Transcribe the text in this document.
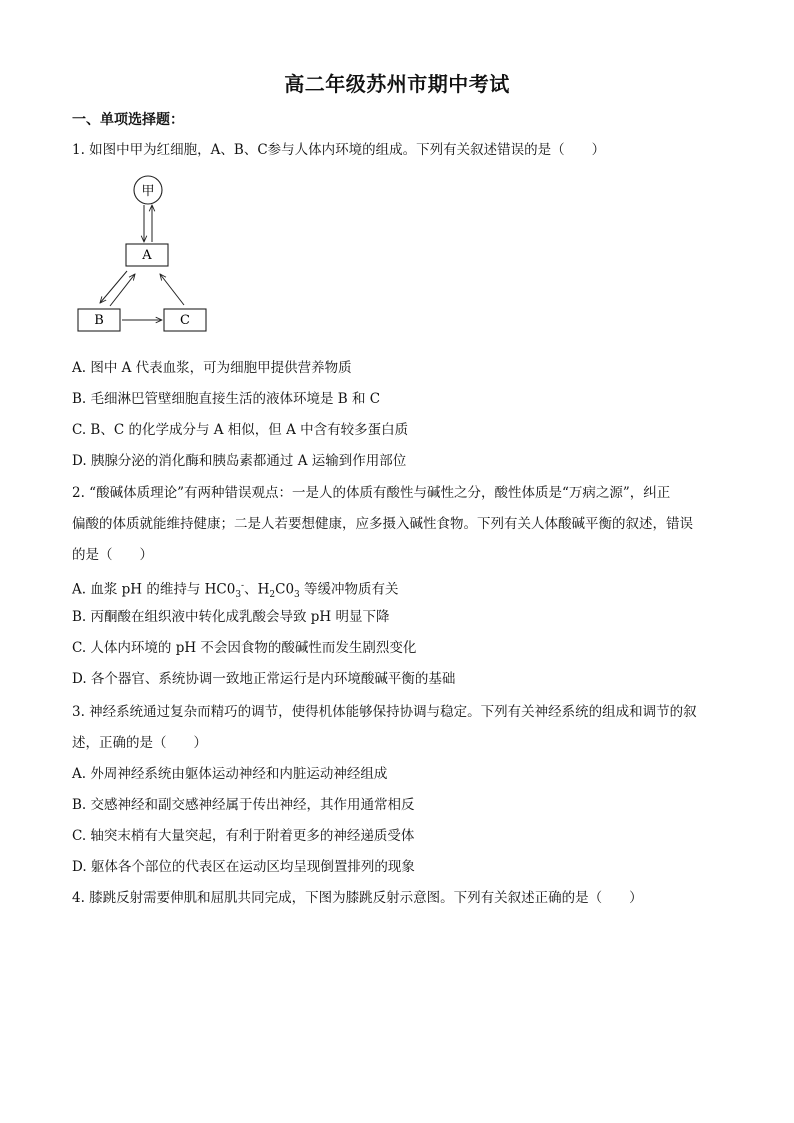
高二年级苏州市期中考试
一、单项选择题：
1. 如图中甲为红细胞，A、B、C参与人体内环境的组成。下列有关叙述错误的是（　　）
甲
A
B	C
A. 图中 A 代表血浆，可为细胞甲提供营养物质
B. 毛细淋巴管壁细胞直接生活的液体环境是 B 和 C
C. B、C 的化学成分与 A 相似，但 A 中含有较多蛋白质
D. 胰腺分泌的消化酶和胰岛素都通过 A 运输到作用部位
2. “酸碱体质理论”有两种错误观点：一是人的体质有酸性与碱性之分，酸性体质是“万病之源”，纠正
偏酸的体质就能维持健康；二是人若要想健康，应多摄入碱性食物。下列有关人体酸碱平衡的叙述，错误
的是（　　）
A. 血浆 pH 的维持与 $HC0_3^-$、$H_2C0_3$ 等缓冲物质有关
B. 丙酮酸在组织液中转化成乳酸会导致 pH 明显下降
C. 人体内环境的 pH 不会因食物的酸碱性而发生剧烈变化
D. 各个器官、系统协调一致地正常运行是内环境酸碱平衡的基础
3. 神经系统通过复杂而精巧的调节，使得机体能够保持协调与稳定。下列有关神经系统的组成和调节的叙
述，正确的是（　　）
A. 外周神经系统由躯体运动神经和内脏运动神经组成
B. 交感神经和副交感神经属于传出神经，其作用通常相反
C. 轴突末梢有大量突起，有利于附着更多的神经递质受体
D. 躯体各个部位的代表区在运动区均呈现倒置排列的现象
4. 膝跳反射需要伸肌和屈肌共同完成，下图为膝跳反射示意图。下列有关叙述正确的是（　　）
